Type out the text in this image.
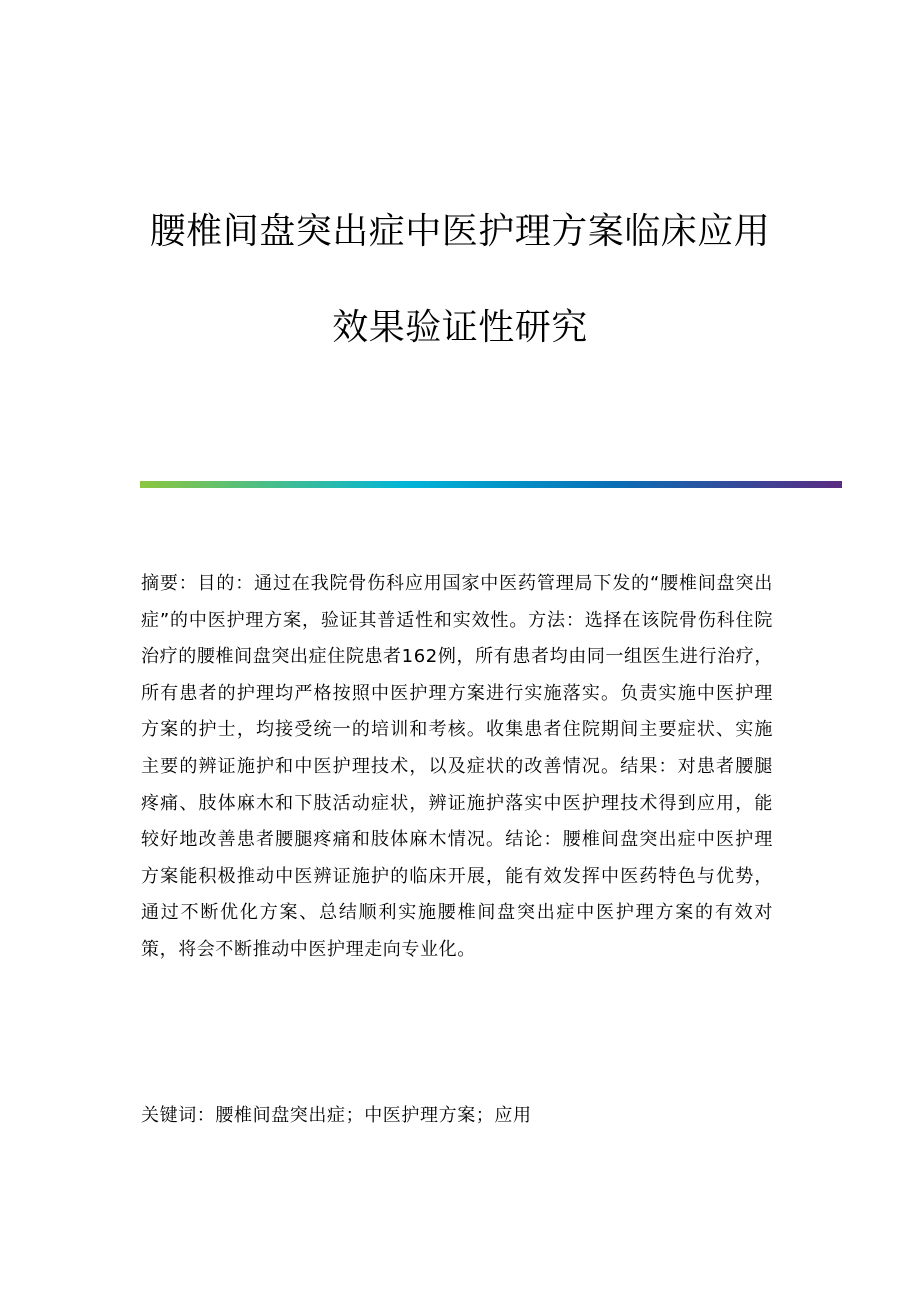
腰椎间盘突出症中医护理方案临床应用
效果验证性研究
摘要：目的：通过在我院骨伤科应用国家中医药管理局下发的“腰椎间盘突出症”的中医护理方案，验证其普适性和实效性。方法：选择在该院骨伤科住院治疗的腰椎间盘突出症住院患者162例，所有患者均由同一组医生进行治疗，所有患者的护理均严格按照中医护理方案进行实施落实。负责实施中医护理方案的护士，均接受统一的培训和考核。收集患者住院期间主要症状、实施主要的辨证施护和中医护理技术，以及症状的改善情况。结果：对患者腰腿疼痛、肢体麻木和下肢活动症状，辨证施护落实中医护理技术得到应用，能较好地改善患者腰腿疼痛和肢体麻木情况。结论：腰椎间盘突出症中医护理方案能积极推动中医辨证施护的临床开展，能有效发挥中医药特色与优势，通过不断优化方案、总结顺利实施腰椎间盘突出症中医护理方案的有效对策，将会不断推动中医护理走向专业化。
关键词：腰椎间盘突出症；中医护理方案；应用
